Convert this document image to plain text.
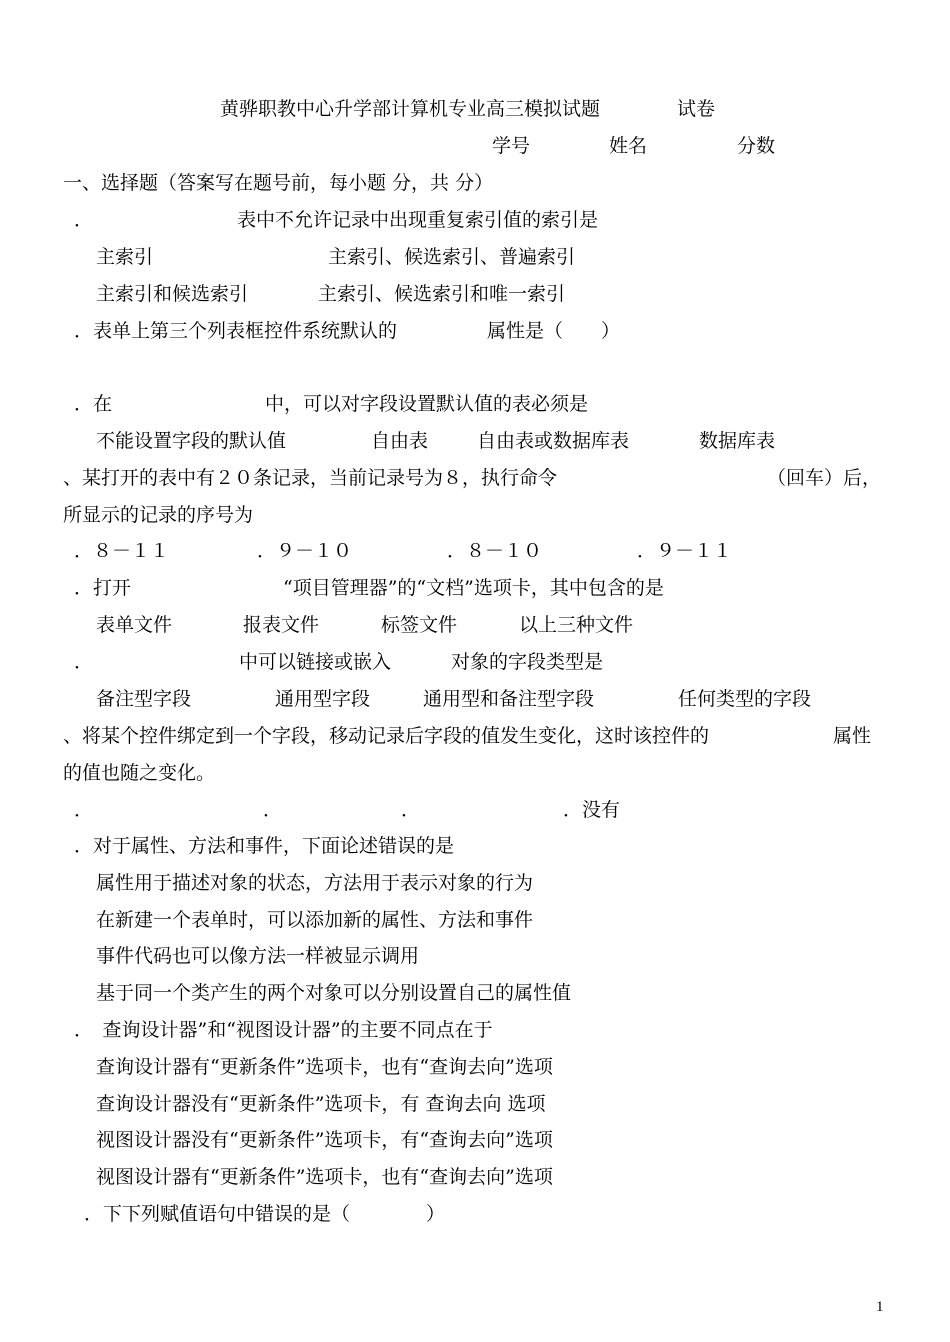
黄骅职教中心升学部计算机专业高三模拟试题	试卷
学号	姓名	分数
一、选择题（答案写在题号前，每小题 分，共 分）
．	表中不允许记录中出现重复索引值的索引是
主索引	主索引、候选索引、普遍索引
主索引和候选索引	主索引、候选索引和唯一索引
．表单上第三个列表框控件系统默认的	属性是（　　）
．在	中，可以对字段设置默认值的表必须是
不能设置字段的默认值	自由表	自由表或数据库表	数据库表
、某打开的表中有２０条记录，当前记录号为８，执行命令	（回车）后，
所显示的记录的序号为
．８－１１	．９－１０	．８－１０	．９－１１
．打开	“项目管理器”的“文档”选项卡，其中包含的是
表单文件	报表文件	标签文件	以上三种文件
．	中可以链接或嵌入	对象的字段类型是
备注型字段	通用型字段	通用型和备注型字段	任何类型的字段
、将某个控件绑定到一个字段，移动记录后字段的值发生变化，这时该控件的	属性
的值也随之变化。
．	．	．	．没有
．对于属性、方法和事件，下面论述错误的是
属性用于描述对象的状态，方法用于表示对象的行为
在新建一个表单时，可以添加新的属性、方法和事件
事件代码也可以像方法一样被显示调用
基于同一个类产生的两个对象可以分别设置自己的属性值
．　查询设计器”和“视图设计器”的主要不同点在于
查询设计器有“更新条件”选项卡，也有“查询去向”选项
查询设计器没有“更新条件”选项卡，有 查询去向 选项
视图设计器没有“更新条件”选项卡，有“查询去向”选项
视图设计器有“更新条件”选项卡，也有“查询去向”选项
．下下列赋值语句中错误的是（　　　　）
1
